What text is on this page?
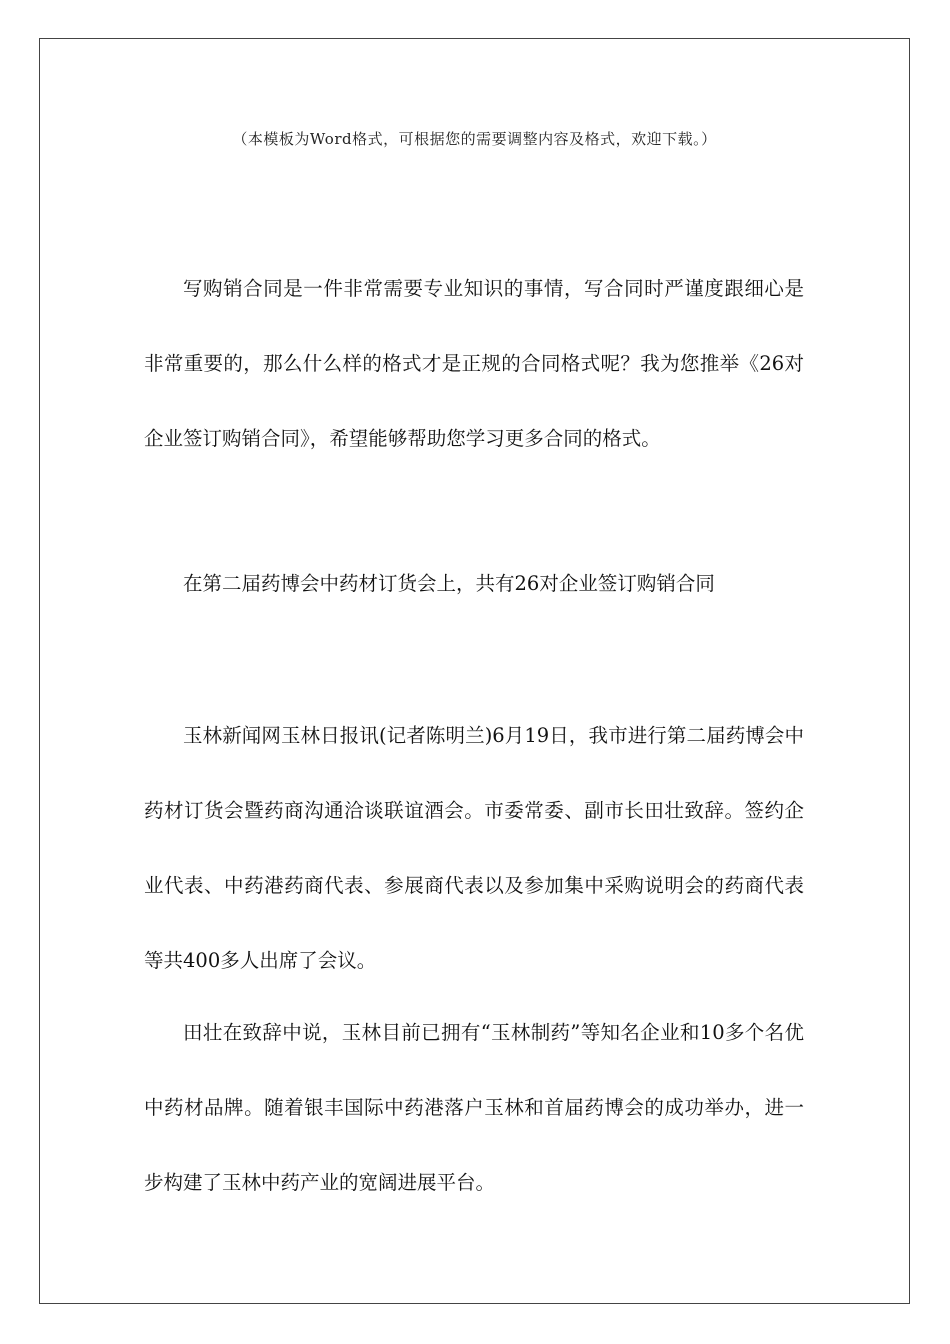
（本模板为Word格式，可根据您的需要调整内容及格式，欢迎下载。）

写购销合同是一件非常需要专业知识的事情，写合同时严谨度跟细心是非常重要的，那么什么样的格式才是正规的合同格式呢？我为您推举《26对企业签订购销合同》，希望能够帮助您学习更多合同的格式。

在第二届药博会中药材订货会上，共有26对企业签订购销合同

玉林新闻网玉林日报讯(记者陈明兰)6月19日，我市进行第二届药博会中药材订货会暨药商沟通洽谈联谊酒会。市委常委、副市长田壮致辞。签约企业代表、中药港药商代表、参展商代表以及参加集中采购说明会的药商代表等共400多人出席了会议。

田壮在致辞中说，玉林目前已拥有“玉林制药”等知名企业和10多个名优中药材品牌。随着银丰国际中药港落户玉林和首届药博会的成功举办，进一步构建了玉林中药产业的宽阔进展平台。
